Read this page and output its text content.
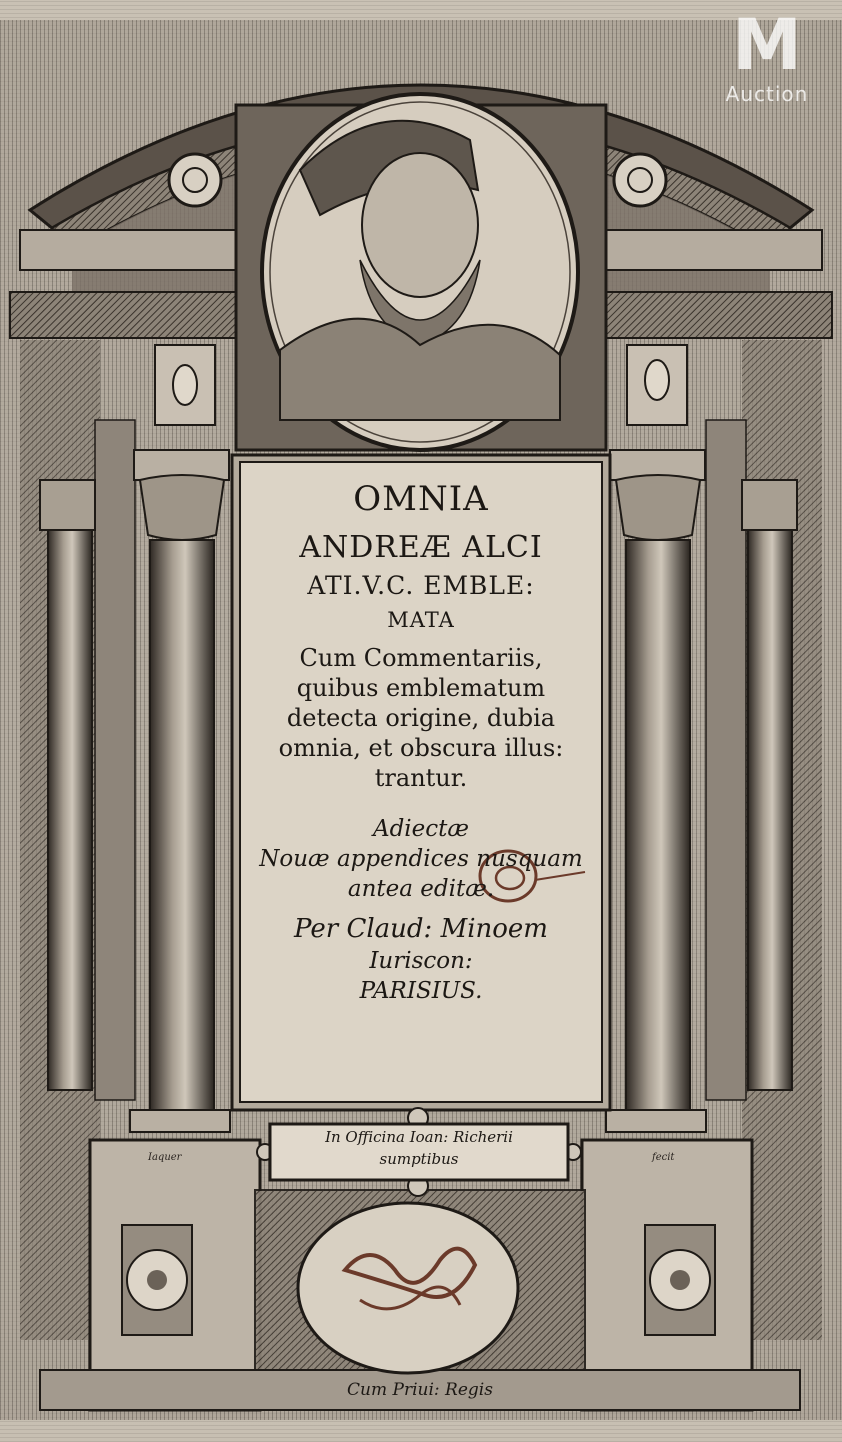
M
Auction

OMNIA

ANDREÆ ALCI

ATI.V.C. EMBLE:

MATA

Cum Commentariis,

quibus emblematum

detecta origine, dubia

omnia, et obscura illus:

trantur.

Adiectæ

Nouæ appendices nusquam

antea editæ.

Per Claud: Minoem

Iuriscon:

PARISIUS.

In Officina Ioan: Richerii
sumptibus
Iaquer	fecit
Cum Priui: Regis
